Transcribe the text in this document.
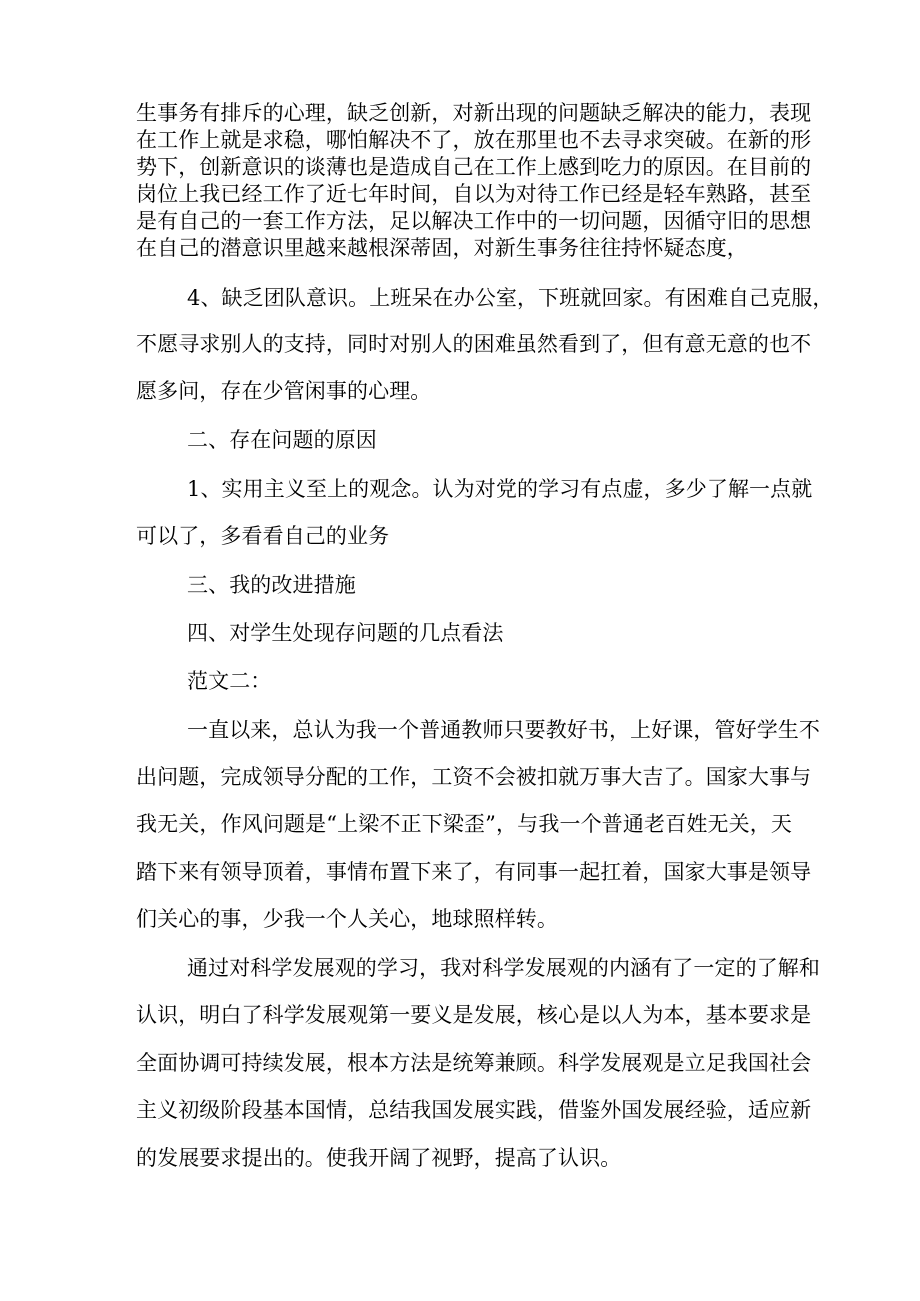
生事务有排斥的心理，缺乏创新，对新出现的问题缺乏解决的能力，表现

在工作上就是求稳，哪怕解决不了，放在那里也不去寻求突破。在新的形

势下，创新意识的谈薄也是造成自己在工作上感到吃力的原因。在目前的

岗位上我已经工作了近七年时间，自以为对待工作已经是轻车熟路，甚至

是有自己的一套工作方法，足以解决工作中的一切问题，因循守旧的思想

在自己的潜意识里越来越根深蒂固，对新生事务往往持怀疑态度，

4、缺乏团队意识。上班呆在办公室，下班就回家。有困难自己克服，

不愿寻求别人的支持，同时对别人的困难虽然看到了，但有意无意的也不

愿多问，存在少管闲事的心理。

二、存在问题的原因

1、实用主义至上的观念。认为对党的学习有点虚，多少了解一点就

可以了，多看看自己的业务

三、我的改进措施

四、对学生处现存问题的几点看法

范文二：

一直以来，总认为我一个普通教师只要教好书，上好课，管好学生不

出问题，完成领导分配的工作，工资不会被扣就万事大吉了。国家大事与

我无关，作风问题是“上梁不正下梁歪”，与我一个普通老百姓无关，天

踏下来有领导顶着，事情布置下来了，有同事一起扛着，国家大事是领导

们关心的事，少我一个人关心，地球照样转。

通过对科学发展观的学习，我对科学发展观的内涵有了一定的了解和

认识，明白了科学发展观第一要义是发展，核心是以人为本，基本要求是

全面协调可持续发展，根本方法是统筹兼顾。科学发展观是立足我国社会

主义初级阶段基本国情，总结我国发展实践，借鉴外国发展经验，适应新

的发展要求提出的。使我开阔了视野，提高了认识。
